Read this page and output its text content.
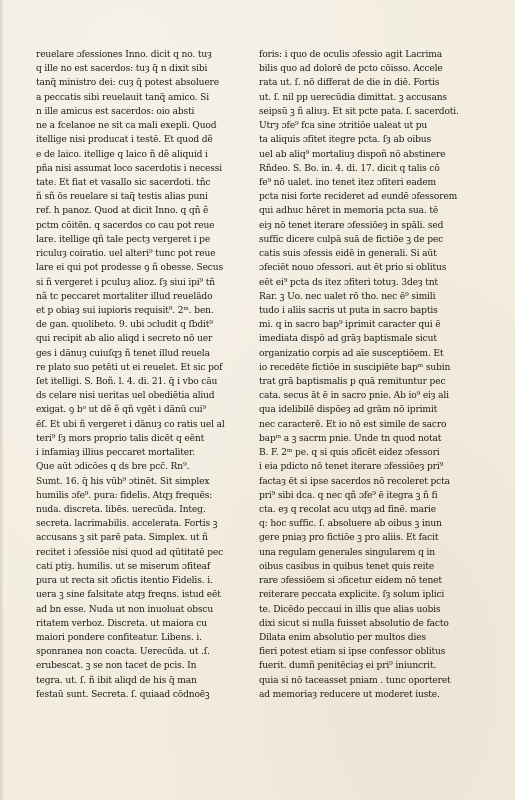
reuelare ɔfessiones Inno. dicit q no. tuȝ
q ille no est sacerdos: tuȝ q̃ n dixit sibi
tanq̃ ministro dei: cuȝ q̃ potest absoluere
a peccatis sibi reuelauit tanq̃ amico. Si
n ille amicus est sacerdos: oio absti
ne a fcelanoe ne sit ca mali exepli. Quod
itellige nisi producat i testē. Et quod dẽ
e de laico. itellige q laico ñ dẽ aliquid i
pña nisi assumat loco sacerdotis i necessi
tate. Et fiat et vasallo sic sacerdoti. tñc
ñ sñ ös reuelare si taq̃ testis alias puni
ref. h panoz. Quod at dicit Inno. q qñ ẽ
pctm cōitēn. q sacerdos co cau pot reue
lare. itellige qñ tale pectȝ vergeret i pe
riculuȝ coiratio. uel alteri⁹ tunc pot reue
lare ei qui pot prodesse ꝯ ñ obesse. Secus
si ñ vergeret i pculuȝ alioz. ſȝ siui ipi⁹ tñ
nã tc peccaret mortaliter illud reuelādo
et p obiaȝ sui iupioris requisit⁹. 2ᵐ. ben.
de gan. quolibeto. 9. ubi ɔcludit q ſbdit⁹
qui recipit ab alio aliqd i secreto nō uer
ges i dānuȝ cuiuſqȝ ñ tenet illud reuela
re plato suo petēti ut ei reuelet. Et sic pof
ſet itelligi. S. Boñ. l. 4. di. 21. q̃ i vbo cāu
ds celare nisi ueritas uel obediētia aliud
exigat. ꝯ bᵒ ut dẽ ẽ qñ vgēt i dānū cui⁹
ēſ. Et ubi ñ vergeret i dānuȝ co ratis uel al
teri⁹ ſȝ mors proprio talis dicēt q eēnt
i infamiaȝ illius peccaret mortaliter.
Que aūt ɔdicōes q ds bre pcc̃. Rn⁹.
Sumt. 16. q̃ his vūb⁹ ɔtinēt. Sit simplex
humilis ɔfe⁹. pura: fidelis. Atqȝ frequēs:
nuda. discreta. libēs. uerecūda. Integ.
secreta. lacrimabilis. accelerata. Fortis ꝫ
accusans ꝫ sit parē pata. Simplex. ut ñ
recitet i ɔfessiōe nisi quod ad qūtitatē pec
cati ptiȝ. humilis. ut se miserum ɔfiteaf
pura ut recta sit ɔfictis itentio Fidelis. i.
uera ꝫ sine falsitate atqȝ freqns. istud eēt
ad bn esse. Nuda ut non inuoluat obscu
ritatem verboz. Discreta. ut maiora cu
maiori pondere confiteatur. Libens. i.
sponranea non coacta. Uerecūda. ut .ſ.
erubescat. ꝫ se non tacet de pcis. In
tegra. ut. ſ. ñ ibit aliqd de his q̃ man
festaū sunt. Secreta. ſ. quiaad cōdnoēꝫ
foris: i quo de oculis ɔfessio agit Lacrima
bilis quo ad dolorē de pcto cōisso. Accele
rata ut. ſ. nō differat de die in diē. Fortis
ut. ſ. nil pp uerecūdia dimittat. ꝫ accusans
seipsū ꝫ ñ aliuȝ. Et sit pcte pata. ſ. sacerdoti.
Utrȝ ɔfe⁹ fca sine ɔtritiōe ualeat ut pu
ta aliquis ɔfitet itegre pcta. ſȝ ab oibus
uel ab aliq⁹ mortaliuȝ dispoñ nō abstinere
Rñdeo. S. Bo. in. 4. di. 17. dicit q talis cō
fe⁹ nō ualet. ino tenet itez ɔfiteri eadem
pcta nisi forte recideret ad eundē ɔfessorem
qui adhuc hēret in memoria pcta sua. tē
eiȝ nō tenet iterare ɔfessiōeȝ in spāli. sed
suffic dicere culpā suā de fictiōe ꝫ de pec
catis suis ɔfessis eidē in generali. Si aūt
ɔfeciēt nouo ɔfessori. aut ēt prio si oblitus
eēt ei⁹ pcta ds itez ɔfiteri totuȝ. 3deȝ tnt
Rar. ꝫ Uo. nec ualet rō tho. nec ē⁹ simili
tudo i aliis sacris ut puta in sacro baptis
mi. q in sacro bap⁹ iprimit caracter qui ē
imediata dispō ad grāȝ baptismale sicut
organizatio corpis ad aīe susceptiōem. Et
io recedēte fictiōe in suscipiēte bapᵐ subin
trat grā baptismalis p quā remituntur pec
cata. secus āt ē in sacro pnie. Ab io⁹ eiȝ ali
qua idelibilē dispōeȝ ad grām nō iprimit
nec caracterē. Et io nō est simile de sacro
bapᵐ a ꝫ sacrm pnie. Unde tn quod notat
B. F. 2ᵐ pe. q si quis ɔficēt eidez ɔfessori
i eia pdicto nō tenet iterare ɔfessiōeȝ pri⁹
factaȝ ēt si ipse sacerdos nō recoleret pcta
pri⁹ sibi dca. q nec qñ ɔfe⁹ ē itegra ꝫ ñ fi
cta. eȝ q recolat acu utqȝ ad finē. marie
q: hoc suffic. ſ. absoluere ab oibus ꝫ inun
gere pniaȝ pro fictiōe ꝫ pro aliis. Et facit
una regulam generales singularem q in
oibus casibus in quibus tenet quis reite
rare ɔfessiōem si ɔficetur eidem nō tenet
reiterare peccata explicite. ſȝ solum iplici
te. Dicēdo peccaui in illis que alias uobis
dixi sicut si nulla fuisset absolutio de facto
Dilata enim absolutio per multos dies
fieri potest etiam si ipse confessor oblitus
fuerit. dumñ penitēciaȝ ei pri⁹ iniuncrit.
quia si nō taceasset pniam . tunc oporteret
ad memoriaȝ reducere ut moderet iuste.
